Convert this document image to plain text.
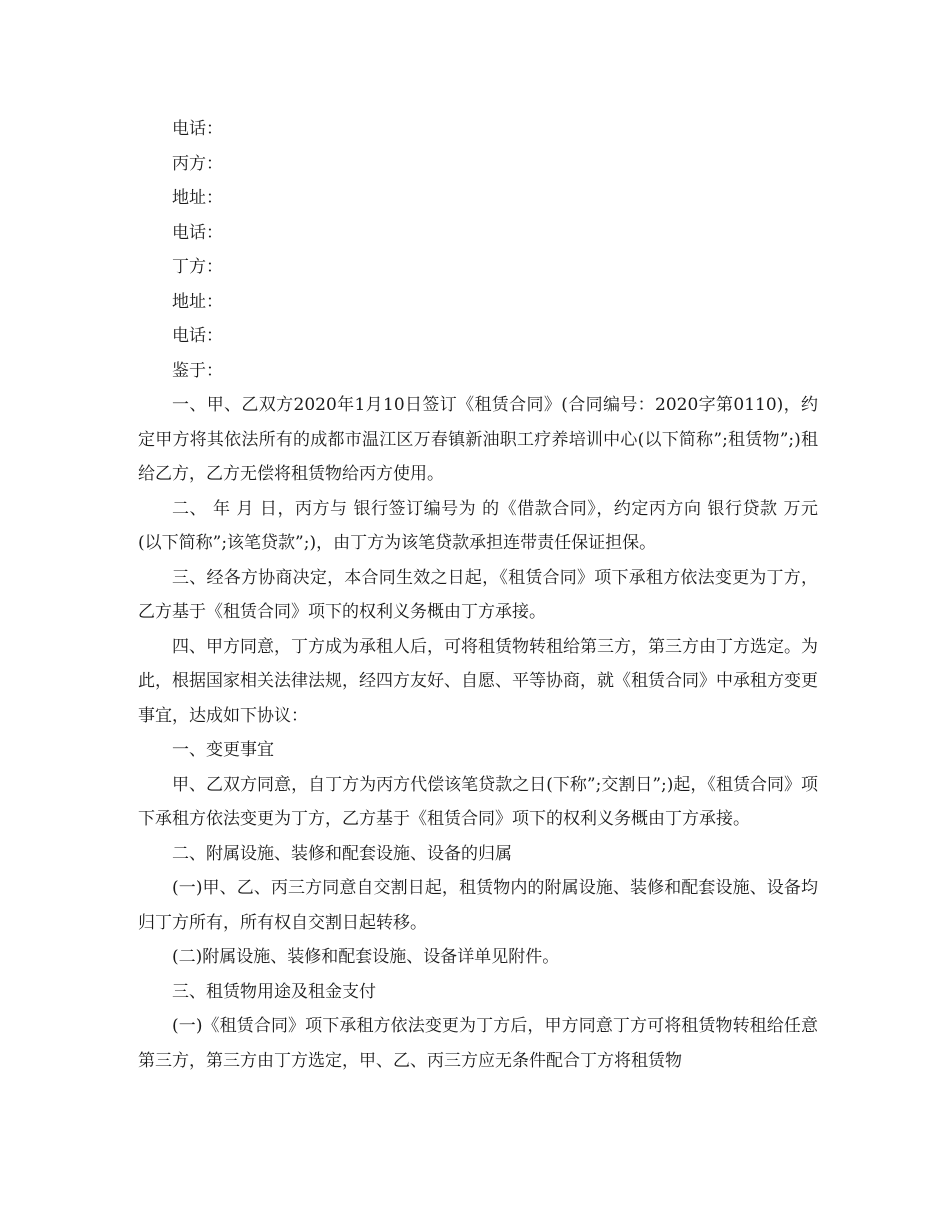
电话：

丙方：

地址：

电话：

丁方：

地址：

电话：

鉴于：

一、甲、乙双方2020年1月10日签订《租赁合同》(合同编号：2020字第0110)，约定甲方将其依法所有的成都市温江区万春镇新油职工疗养培训中心(以下简称”;租赁物”;)租给乙方，乙方无偿将租赁物给丙方使用。

二、 年 月 日，丙方与 银行签订编号为 的《借款合同》，约定丙方向 银行贷款 万元(以下简称”;该笔贷款”;)，由丁方为该笔贷款承担连带责任保证担保。

三、经各方协商决定，本合同生效之日起，《租赁合同》项下承租方依法变更为丁方，乙方基于《租赁合同》项下的权利义务概由丁方承接。

四、甲方同意，丁方成为承租人后，可将租赁物转租给第三方，第三方由丁方选定。为此，根据国家相关法律法规，经四方友好、自愿、平等协商，就《租赁合同》中承租方变更事宜，达成如下协议：

一、变更事宜

甲、乙双方同意，自丁方为丙方代偿该笔贷款之日(下称”;交割日”;)起，《租赁合同》项下承租方依法变更为丁方，乙方基于《租赁合同》项下的权利义务概由丁方承接。

二、附属设施、装修和配套设施、设备的归属

(一)甲、乙、丙三方同意自交割日起，租赁物内的附属设施、装修和配套设施、设备均归丁方所有，所有权自交割日起转移。

(二)附属设施、装修和配套设施、设备详单见附件。

三、租赁物用途及租金支付

(一)《租赁合同》项下承租方依法变更为丁方后，甲方同意丁方可将租赁物转租给任意第三方，第三方由丁方选定，甲、乙、丙三方应无条件配合丁方将租赁物
